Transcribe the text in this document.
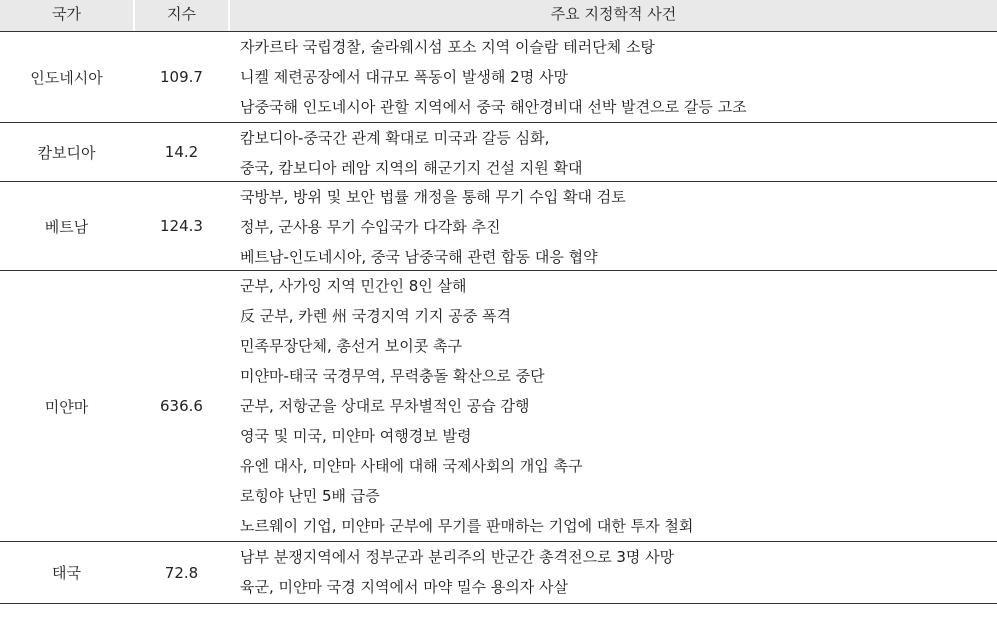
국가	지수	주요 지정학적 사건
인도네시아	109.7
자카르타 국립경찰, 술라웨시섬 포소 지역 이슬람 테러단체 소탕
니켈 제련공장에서 대규모 폭동이 발생해 2명 사망
남중국해 인도네시아 관할 지역에서 중국 해안경비대 선박 발견으로 갈등 고조
캄보디아	14.2
캄보디아-중국간 관계 확대로 미국과 갈등 심화,
중국, 캄보디아 레암 지역의 해군기지 건설 지원 확대
베트남	124.3
국방부, 방위 및 보안 법률 개정을 통해 무기 수입 확대 검토
정부, 군사용 무기 수입국가 다각화 추진
베트남-인도네시아, 중국 남중국해 관련 합동 대응 협약
미얀마	636.6
군부, 사가잉 지역 민간인 8인 살해
反 군부, 카렌 州 국경지역 기지 공중 폭격
민족무장단체, 총선거 보이콧 촉구
미얀마-태국 국경무역, 무력충돌 확산으로 중단
군부, 저항군을 상대로 무차별적인 공습 감행
영국 및 미국, 미얀마 여행경보 발령
유엔 대사, 미얀마 사태에 대해 국제사회의 개입 촉구
로힝야 난민 5배 급증
노르웨이 기업, 미얀마 군부에 무기를 판매하는 기업에 대한 투자 철회
태국	72.8
남부 분쟁지역에서 정부군과 분리주의 반군간 총격전으로 3명 사망
육군, 미얀마 국경 지역에서 마약 밀수 용의자 사살
